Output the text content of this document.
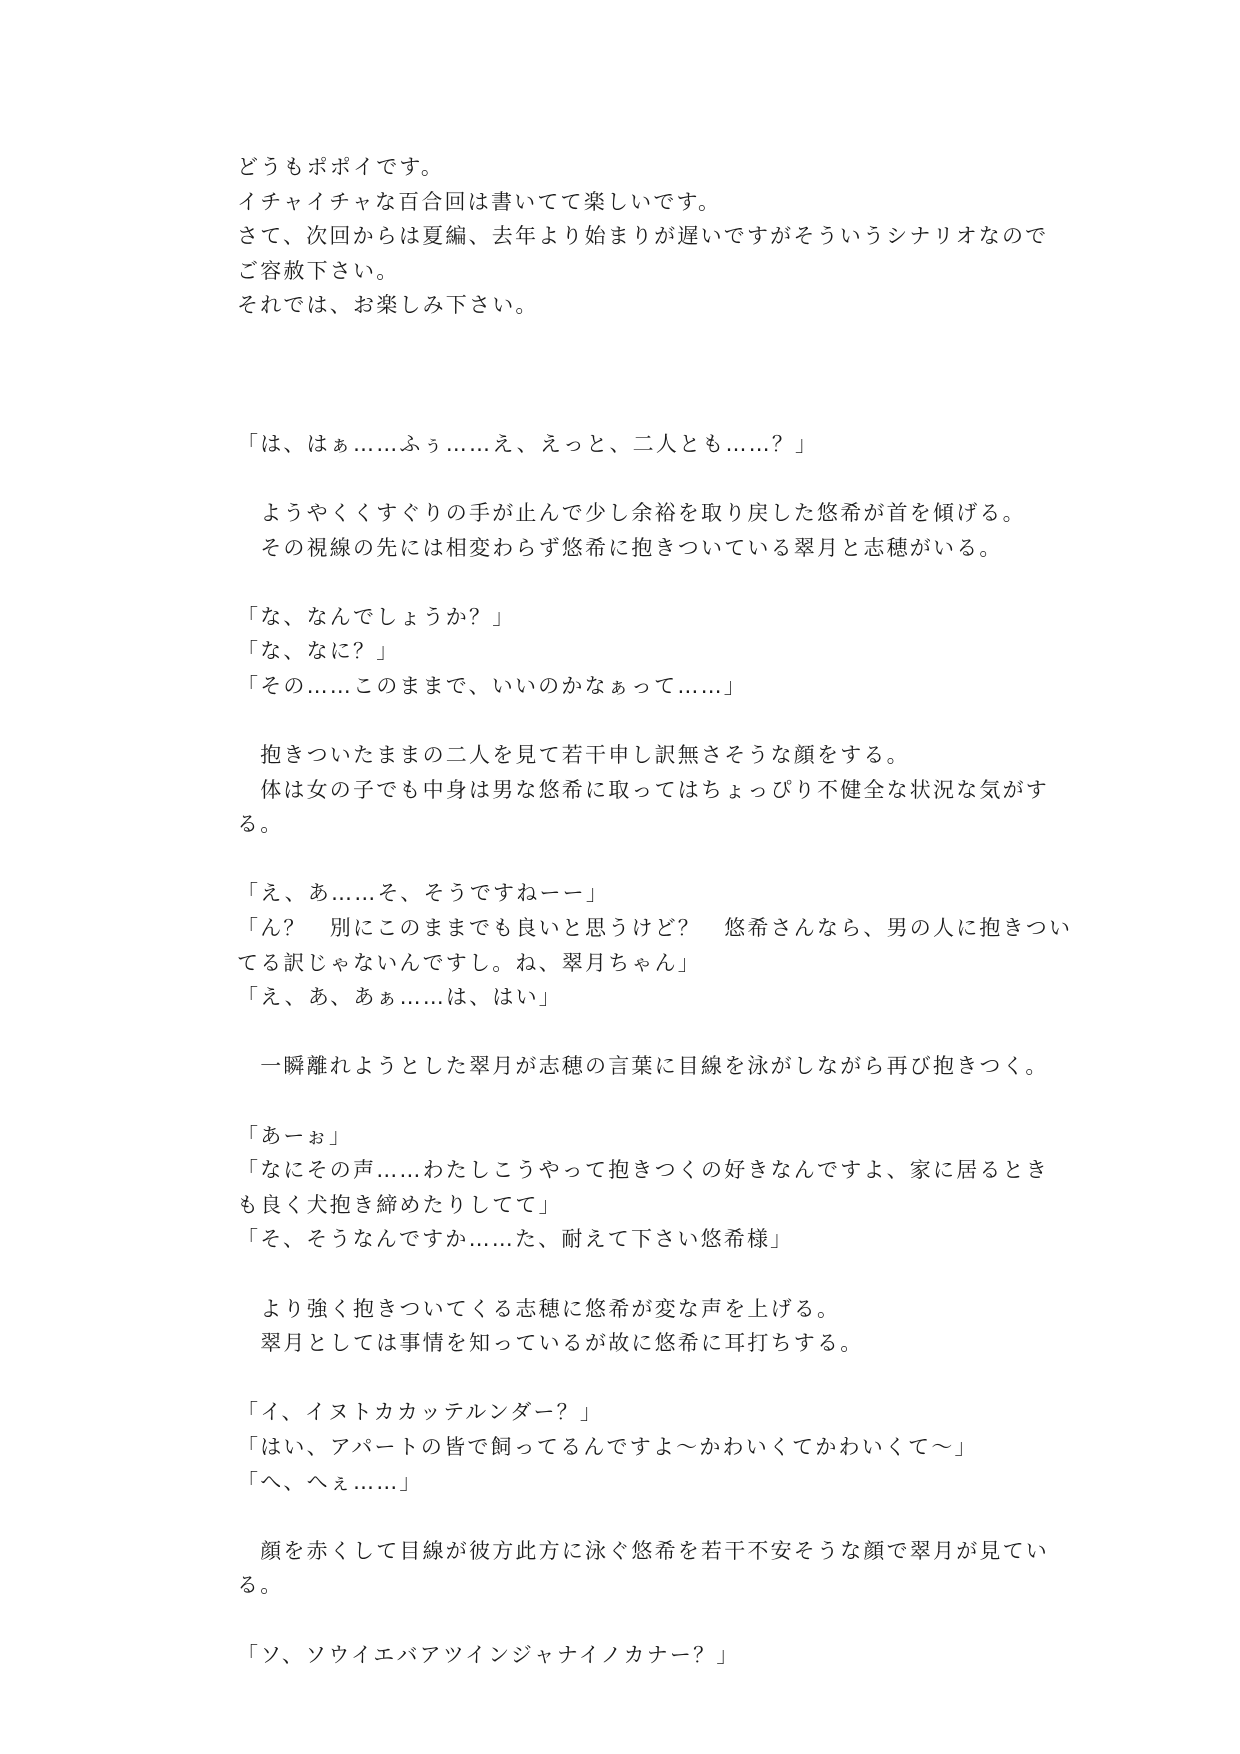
どうもポポイです。
イチャイチャな百合回は書いてて楽しいです。
さて、次回からは夏編、去年より始まりが遅いですがそういうシナリオなので
ご容赦下さい。
それでは、お楽しみ下さい。
「は、はぁ……ふぅ……え、えっと、二人とも……？」
　ようやくくすぐりの手が止んで少し余裕を取り戻した悠希が首を傾げる。
　その視線の先には相変わらず悠希に抱きついている翠月と志穂がいる。
「な、なんでしょうか？」
「な、なに？」
「その……このままで、いいのかなぁって……」
　抱きついたままの二人を見て若干申し訳無さそうな顔をする。
　体は女の子でも中身は男な悠希に取ってはちょっぴり不健全な状況な気がす
る。
「え、あ……そ、そうですねーー」
「ん？　別にこのままでも良いと思うけど？　悠希さんなら、男の人に抱きつい
てる訳じゃないんですし。ね、翠月ちゃん」
「え、あ、あぁ……は、はい」
　一瞬離れようとした翠月が志穂の言葉に目線を泳がしながら再び抱きつく。
「あーぉ」
「なにその声……わたしこうやって抱きつくの好きなんですよ、家に居るとき
も良く犬抱き締めたりしてて」
「そ、そうなんですか……た、耐えて下さい悠希様」
　より強く抱きついてくる志穂に悠希が変な声を上げる。
　翠月としては事情を知っているが故に悠希に耳打ちする。
「イ、イヌトカカッテルンダー？」
「はい、アパートの皆で飼ってるんですよ～かわいくてかわいくて～」
「へ、へぇ……」
　顔を赤くして目線が彼方此方に泳ぐ悠希を若干不安そうな顔で翠月が見てい
る。
「ソ、ソウイエバアツインジャナイノカナー？」
